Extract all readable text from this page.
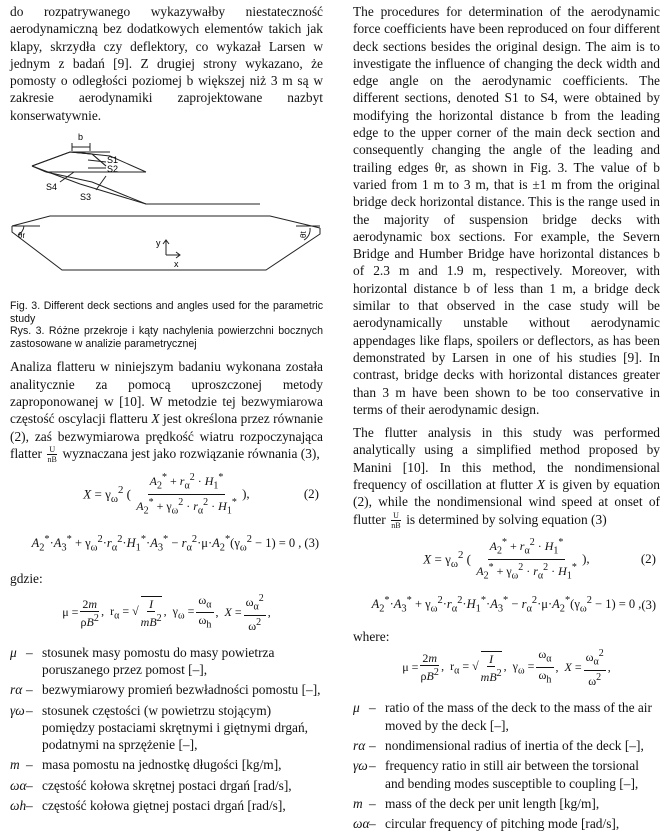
do rozpatrywanego wykazywałby niestateczność aerodynamiczną bez dodatkowych elementów takich jak klapy, skrzydła czy deflektory, co wykazał Larsen w jednym z badań [9]. Z drugiej strony wykazano, że pomosty o odległości poziomej b większej niż 3 m są w zakresie aerodynamiki zaprojektowane nazbyt konserwatywnie.

b
S1
S2
S4
S3
θr	θt
y
x

Fig. 3. Different deck sections and angles used for the parametric study

Rys. 3. Różne przekroje i kąty nachylenia powierzchni bocznych zastosowane w analizie parametrycznej

Analiza flatteru w niniejszym badaniu wykonana została analitycznie za pomocą uproszczonej metody zaproponowanej w [10]. W metodzie tej bezwymiarowa częstość oscylacji flatteru X jest określona przez równanie (2), zaś bezwymiarowa prędkość wiatru rozpoczynająca flatter $\frac{U}{nB}$ wyznaczana jest jako rozwiązanie równania (3),

$X = \gamma_\omega^2$ ( $\frac{A_2^* + r_\alpha^2 \cdot H_1^*}{A_2^* + \gamma_\omega^2 \cdot r_\alpha^2 \cdot H_1^*}$ ),	(2)
$A_2^*\cdot A_3^* + \gamma_\omega^2\cdot r_\alpha^2\cdot H_1^*\cdot A_3^* - r_\alpha^2\cdot\mu\cdot A_2^*(\gamma_\omega^2 - 1) = 0$ , (3)

gdzie:

$\mu = \frac{2m}{\rho B^2}$ ,  $r_\alpha$ = √ $\frac{I}{mB^2}$ ,  $\gamma_\omega = \frac{\omega_\alpha}{\omega_h}$ ,  $X = \frac{\omega_\alpha^2}{\omega^2}$ ,
μ – stosunek masy pomostu do masy powietrza poruszanego przez pomost [–],
rα – bezwymiarowy promień bezwładności pomostu [–],
γω – stosunek częstości (w powietrzu stojącym) pomiędzy postaciami skrętnymi i giętnymi drgań, podatnymi na sprzężenie [–],
m – masa pomostu na jednostkę długości [kg/m],
ωα – częstość kołowa skrętnej postaci drgań [rad/s],
ωh – częstość kołowa giętnej postaci drgań [rad/s],

The procedures for determination of the aerodynamic force coefficients have been reproduced on four different deck sections besides the original design. The aim is to investigate the influence of changing the deck width and edge angle on the aerodynamic coefficients. The different sections, denoted S1 to S4, were obtained by modifying the horizontal distance b from the leading edge to the upper corner of the main deck section and consequently changing the angle of the leading and trailing edges θr, as shown in Fig. 3. The value of b varied from 1 m to 3 m, that is ±1 m from the original bridge deck horizontal distance. This is the range used in the majority of suspension bridge decks with aerodynamic box sections. For example, the Severn Bridge and Humber Bridge have horizontal distances b of 2.3 m and 1.9 m, respectively. Moreover, with horizontal distance b of less than 1 m, a bridge deck similar to that observed in the case study will be aerodynamically unstable without aerodynamic appendages like flaps, spoilers or deflectors, as has been demonstrated by Larsen in one of his studies [9]. In contrast, bridge decks with horizontal distances greater than 3 m have been shown to be too conservative in terms of their aerodynamic design.

The flutter analysis in this study was performed analytically using a simplified method proposed by Manini [10]. In this method, the nondimensional frequency of oscillation at flutter X is given by equation (2), while the nondimensional wind speed at onset of flutter $\frac{U}{nB}$ is determined by solving equation (3)

$X = \gamma_\omega^2$ ( $\frac{A_2^* + r_\alpha^2 \cdot H_1^*}{A_2^* + \gamma_\omega^2 \cdot r_\alpha^2 \cdot H_1^*}$ ),	(2)
$A_2^*\cdot A_3^* + \gamma_\omega^2\cdot r_\alpha^2\cdot H_1^*\cdot A_3^* - r_\alpha^2\cdot\mu\cdot A_2^*(\gamma_\omega^2 - 1) = 0$ , (3)

where:

$\mu = \frac{2m}{\rho B^2}$ ,  $r_\alpha$ = √ $\frac{I}{mB^2}$ ,  $\gamma_\omega = \frac{\omega_\alpha}{\omega_h}$ ,  $X = \frac{\omega_\alpha^2}{\omega^2}$ ,
μ – ratio of the mass of the deck to the mass of the air moved by the deck [–],
rα – nondimensional radius of inertia of the deck [–],
γω – frequency ratio in still air between the torsional and bending modes susceptible to coupling [–],
m – mass of the deck per unit length [kg/m],
ωα – circular frequency of pitching mode [rad/s],
